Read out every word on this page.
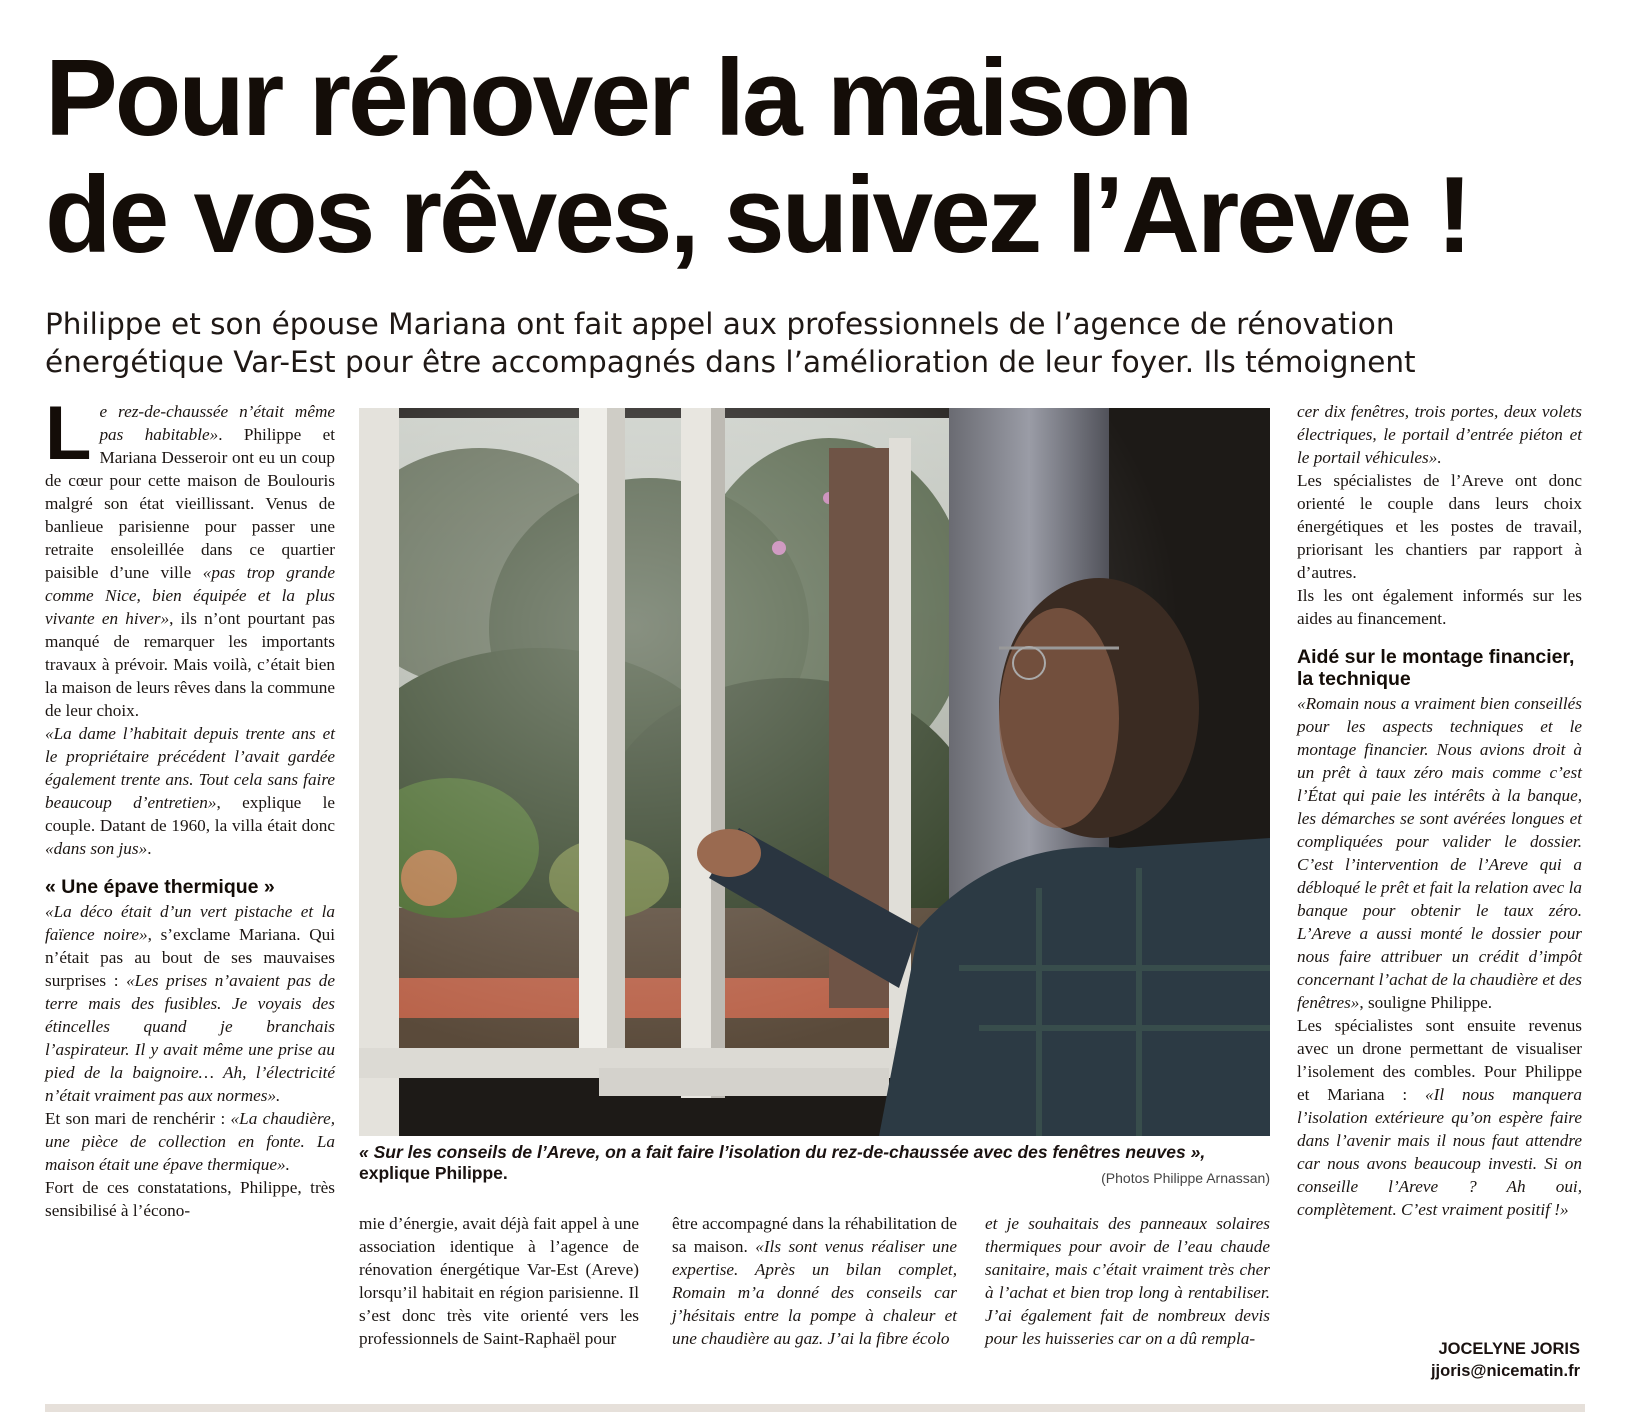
Pour rénover la maison
de vos rêves, suivez l’Areve !
Philippe et son épouse Mariana ont fait appel aux professionnels de l’agence de rénovation
énergétique Var-Est pour être accompagnés dans l’amélioration de leur foyer. Ils témoignent

Le rez-de-chaussée n’était même pas habitable». Philippe et Mariana Desseroir ont eu un coup de cœur pour cette maison de Boulouris malgré son état vieillissant. Venus de banlieue parisienne pour passer une retraite ensoleillée dans ce quartier paisible d’une ville «pas trop grande comme Nice, bien équipée et la plus vivante en hiver», ils n’ont pourtant pas manqué de remarquer les importants travaux à prévoir. Mais voilà, c’était bien la maison de leurs rêves dans la commune de leur choix.

«La dame l’habitait depuis trente ans et le propriétaire précédent l’avait gardée également trente ans. Tout cela sans faire beaucoup d’entretien», explique le couple. Datant de 1960, la villa était donc «dans son jus».

« Une épave thermique »

«La déco était d’un vert pistache et la faïence noire», s’exclame Mariana. Qui n’était pas au bout de ses mauvaises surprises : «Les prises n’avaient pas de terre mais des fusibles. Je voyais des étincelles quand je branchais l’aspirateur. Il y avait même une prise au pied de la baignoire… Ah, l’électricité n’était vraiment pas aux normes».

Et son mari de renchérir : «La chaudière, une pièce de collection en fonte. La maison était une épave thermique».

Fort de ces constatations, Philippe, très sensibilisé à l’écono-

« Sur les conseils de l’Areve, on a fait faire l’isolation du rez-de-chaussée avec des fenêtres neuves »,
explique Philippe.	(Photos Philippe Arnassan)

mie d’énergie, avait déjà fait appel à une association identique à l’agence de rénovation énergétique Var-Est (Areve) lorsqu’il habitait en région parisienne. Il s’est donc très vite orienté vers les professionnels de Saint-Raphaël pour

être accompagné dans la réhabilitation de sa maison. «Ils sont venus réaliser une expertise. Après un bilan complet, Romain m’a donné des conseils car j’hésitais entre la pompe à chaleur et une chaudière au gaz. J’ai la fibre écolo

et je souhaitais des panneaux solaires thermiques pour avoir de l’eau chaude sanitaire, mais c’était vraiment très cher à l’achat et bien trop long à rentabiliser. J’ai également fait de nombreux devis pour les huisseries car on a dû rempla-

cer dix fenêtres, trois portes, deux volets électriques, le portail d’entrée piéton et le portail véhicules».

Les spécialistes de l’Areve ont donc orienté le couple dans leurs choix énergétiques et les postes de travail, priorisant les chantiers par rapport à d’autres.

Ils les ont également informés sur les aides au financement.

Aidé sur le montage financier, la technique

«Romain nous a vraiment bien conseillés pour les aspects techniques et le montage financier. Nous avions droit à un prêt à taux zéro mais comme c’est l’État qui paie les intérêts à la banque, les démarches se sont avérées longues et compliquées pour valider le dossier. C’est l’intervention de l’Areve qui a débloqué le prêt et fait la relation avec la banque pour obtenir le taux zéro. L’Areve a aussi monté le dossier pour nous faire attribuer un crédit d’impôt concernant l’achat de la chaudière et des fenêtres», souligne Philippe.

Les spécialistes sont ensuite revenus avec un drone permettant de visualiser l’isolement des combles. Pour Philippe et Mariana : «Il nous manquera l’isolation extérieure qu’on espère faire dans l’avenir mais il nous faut attendre car nous avons beaucoup investi. Si on conseille l’Areve ? Ah oui, complètement. C’est vraiment positif !»

JOCELYNE JORIS
jjoris@nicematin.fr
